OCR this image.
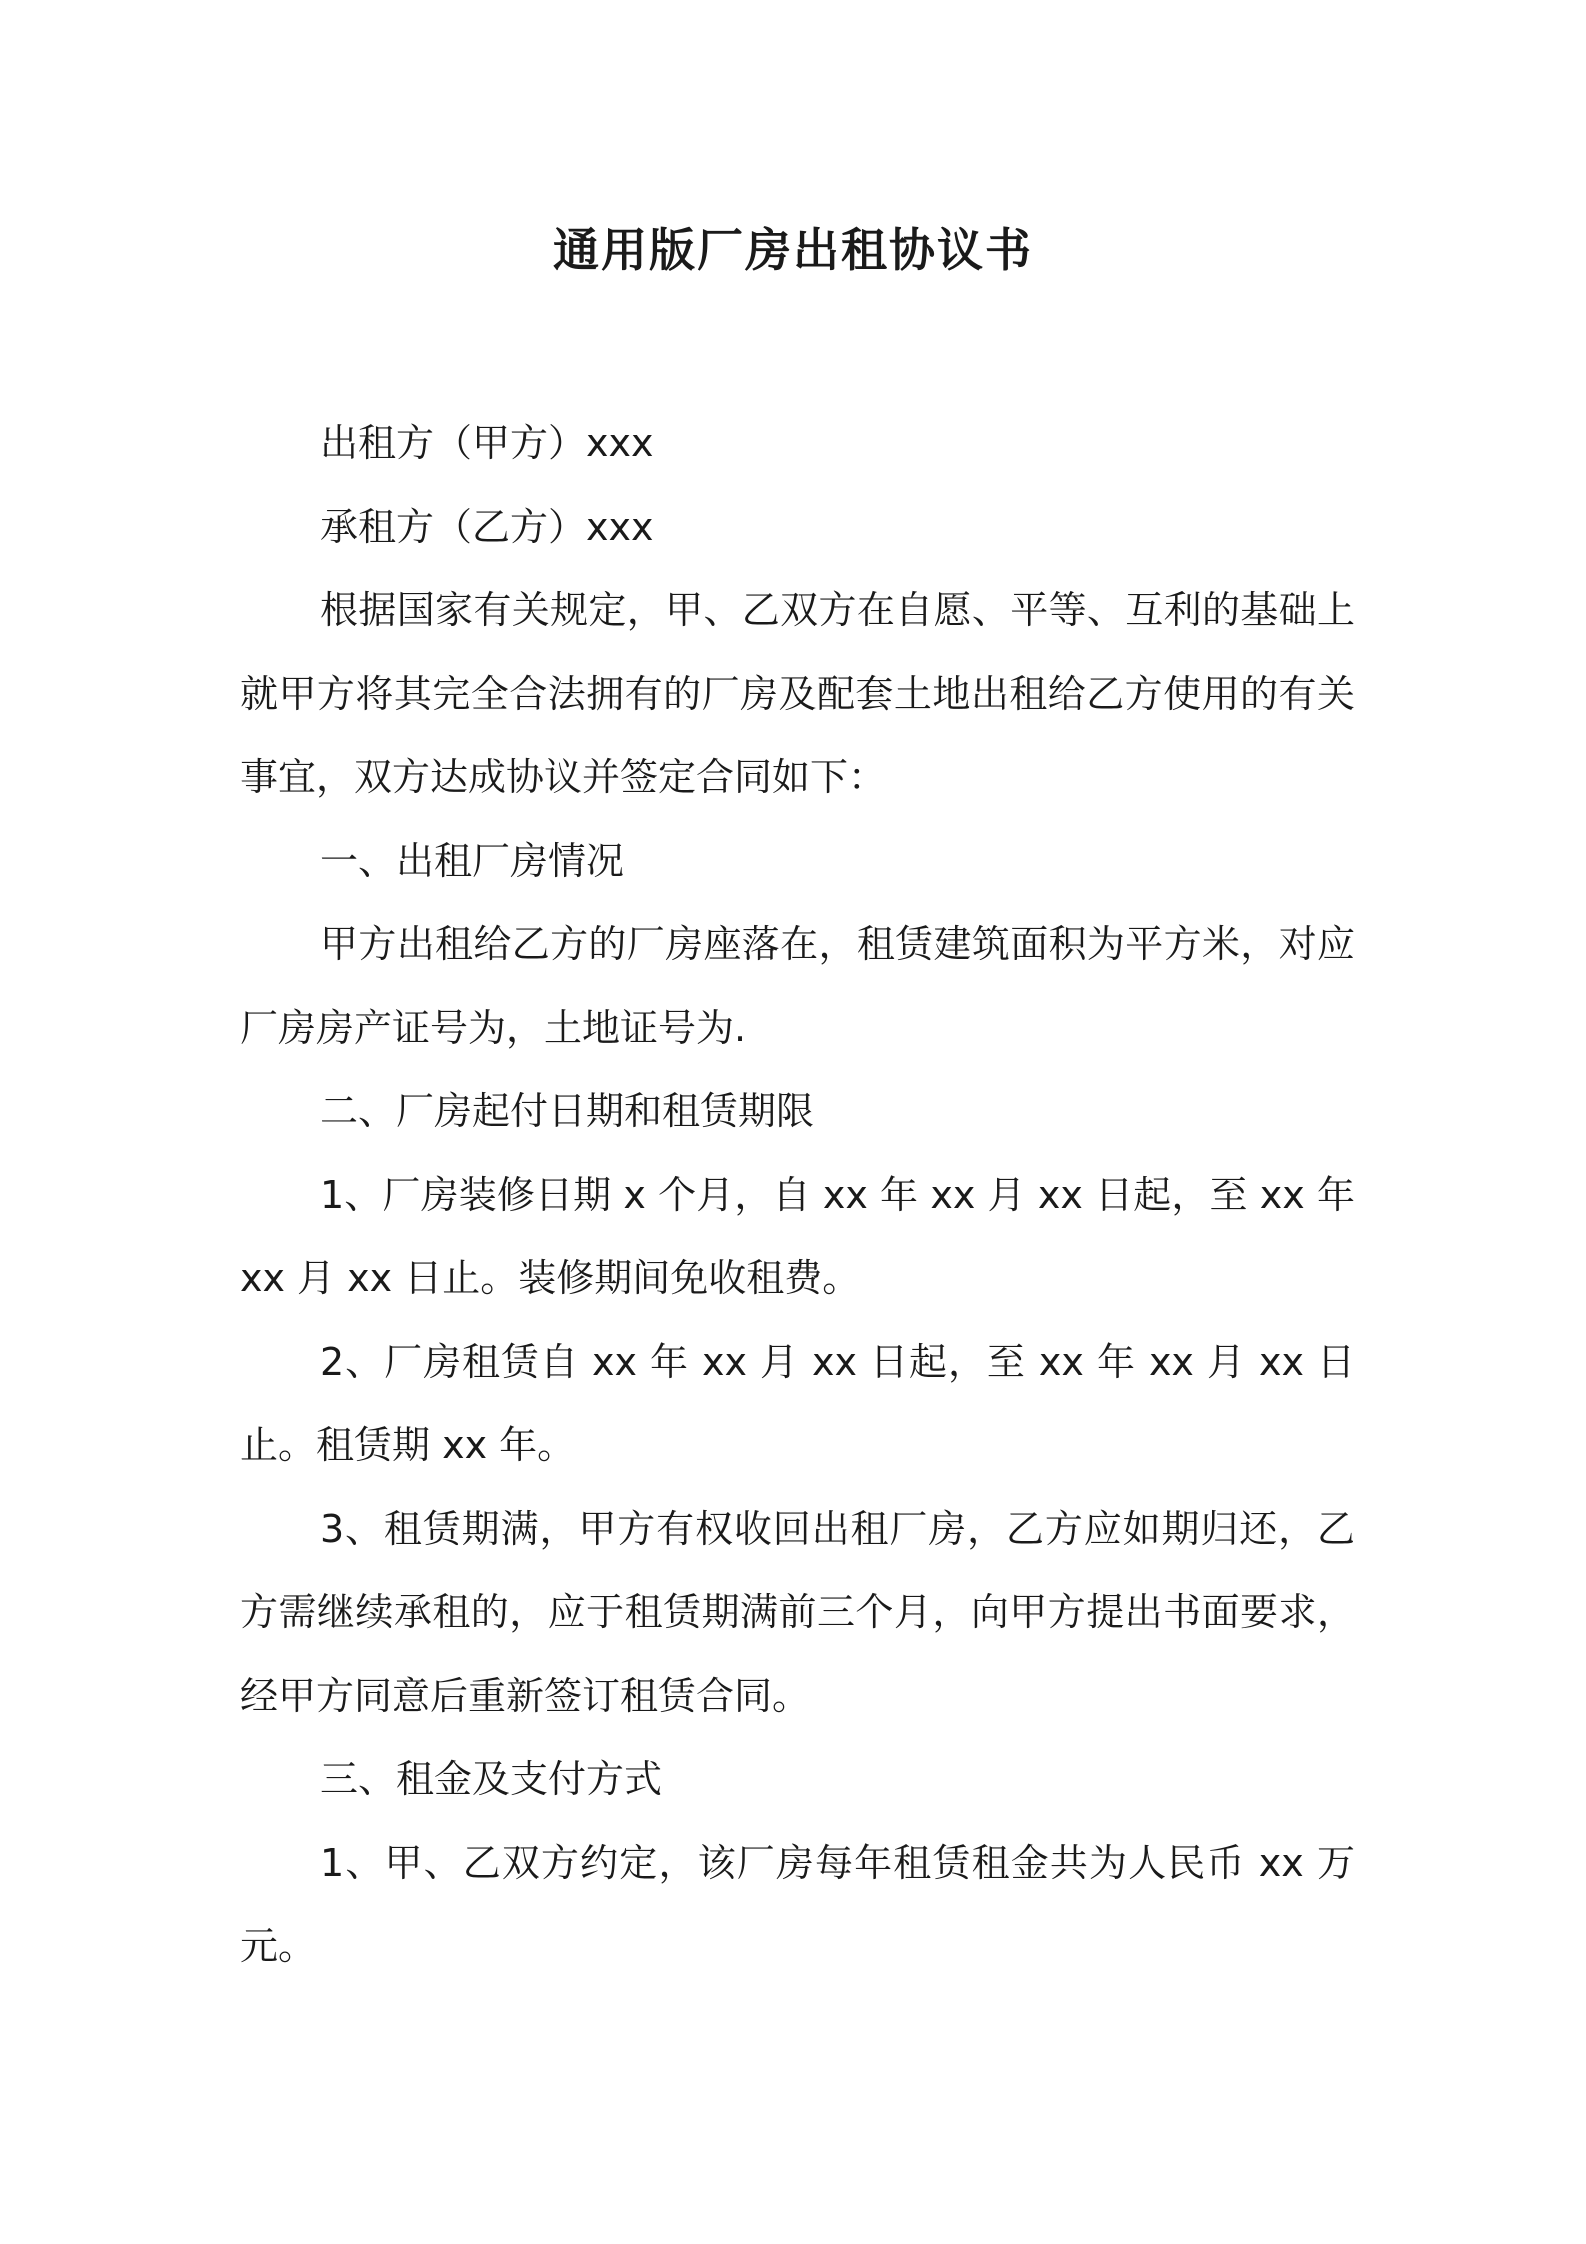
通用版厂房出租协议书

出租方（甲方）xxx

承租方（乙方）xxx

根据国家有关规定，甲、乙双方在自愿、平等、互利的基础上就甲方将其完全合法拥有的厂房及配套土地出租给乙方使用的有关事宜，双方达成协议并签定合同如下：

一、出租厂房情况

甲方出租给乙方的厂房座落在，租赁建筑面积为平方米，对应厂房房产证号为，土地证号为.

二、厂房起付日期和租赁期限

1、厂房装修日期 x 个月，自 xx 年 xx 月 xx 日起，至 xx 年 xx 月 xx 日止。装修期间免收租费。

2、厂房租赁自 xx 年 xx 月 xx 日起，至 xx 年 xx 月 xx 日止。租赁期 xx 年。

3、租赁期满，甲方有权收回出租厂房，乙方应如期归还，乙方需继续承租的，应于租赁期满前三个月，向甲方提出书面要求，经甲方同意后重新签订租赁合同。

三、租金及支付方式

1、甲、乙双方约定，该厂房每年租赁租金共为人民币 xx 万元。
